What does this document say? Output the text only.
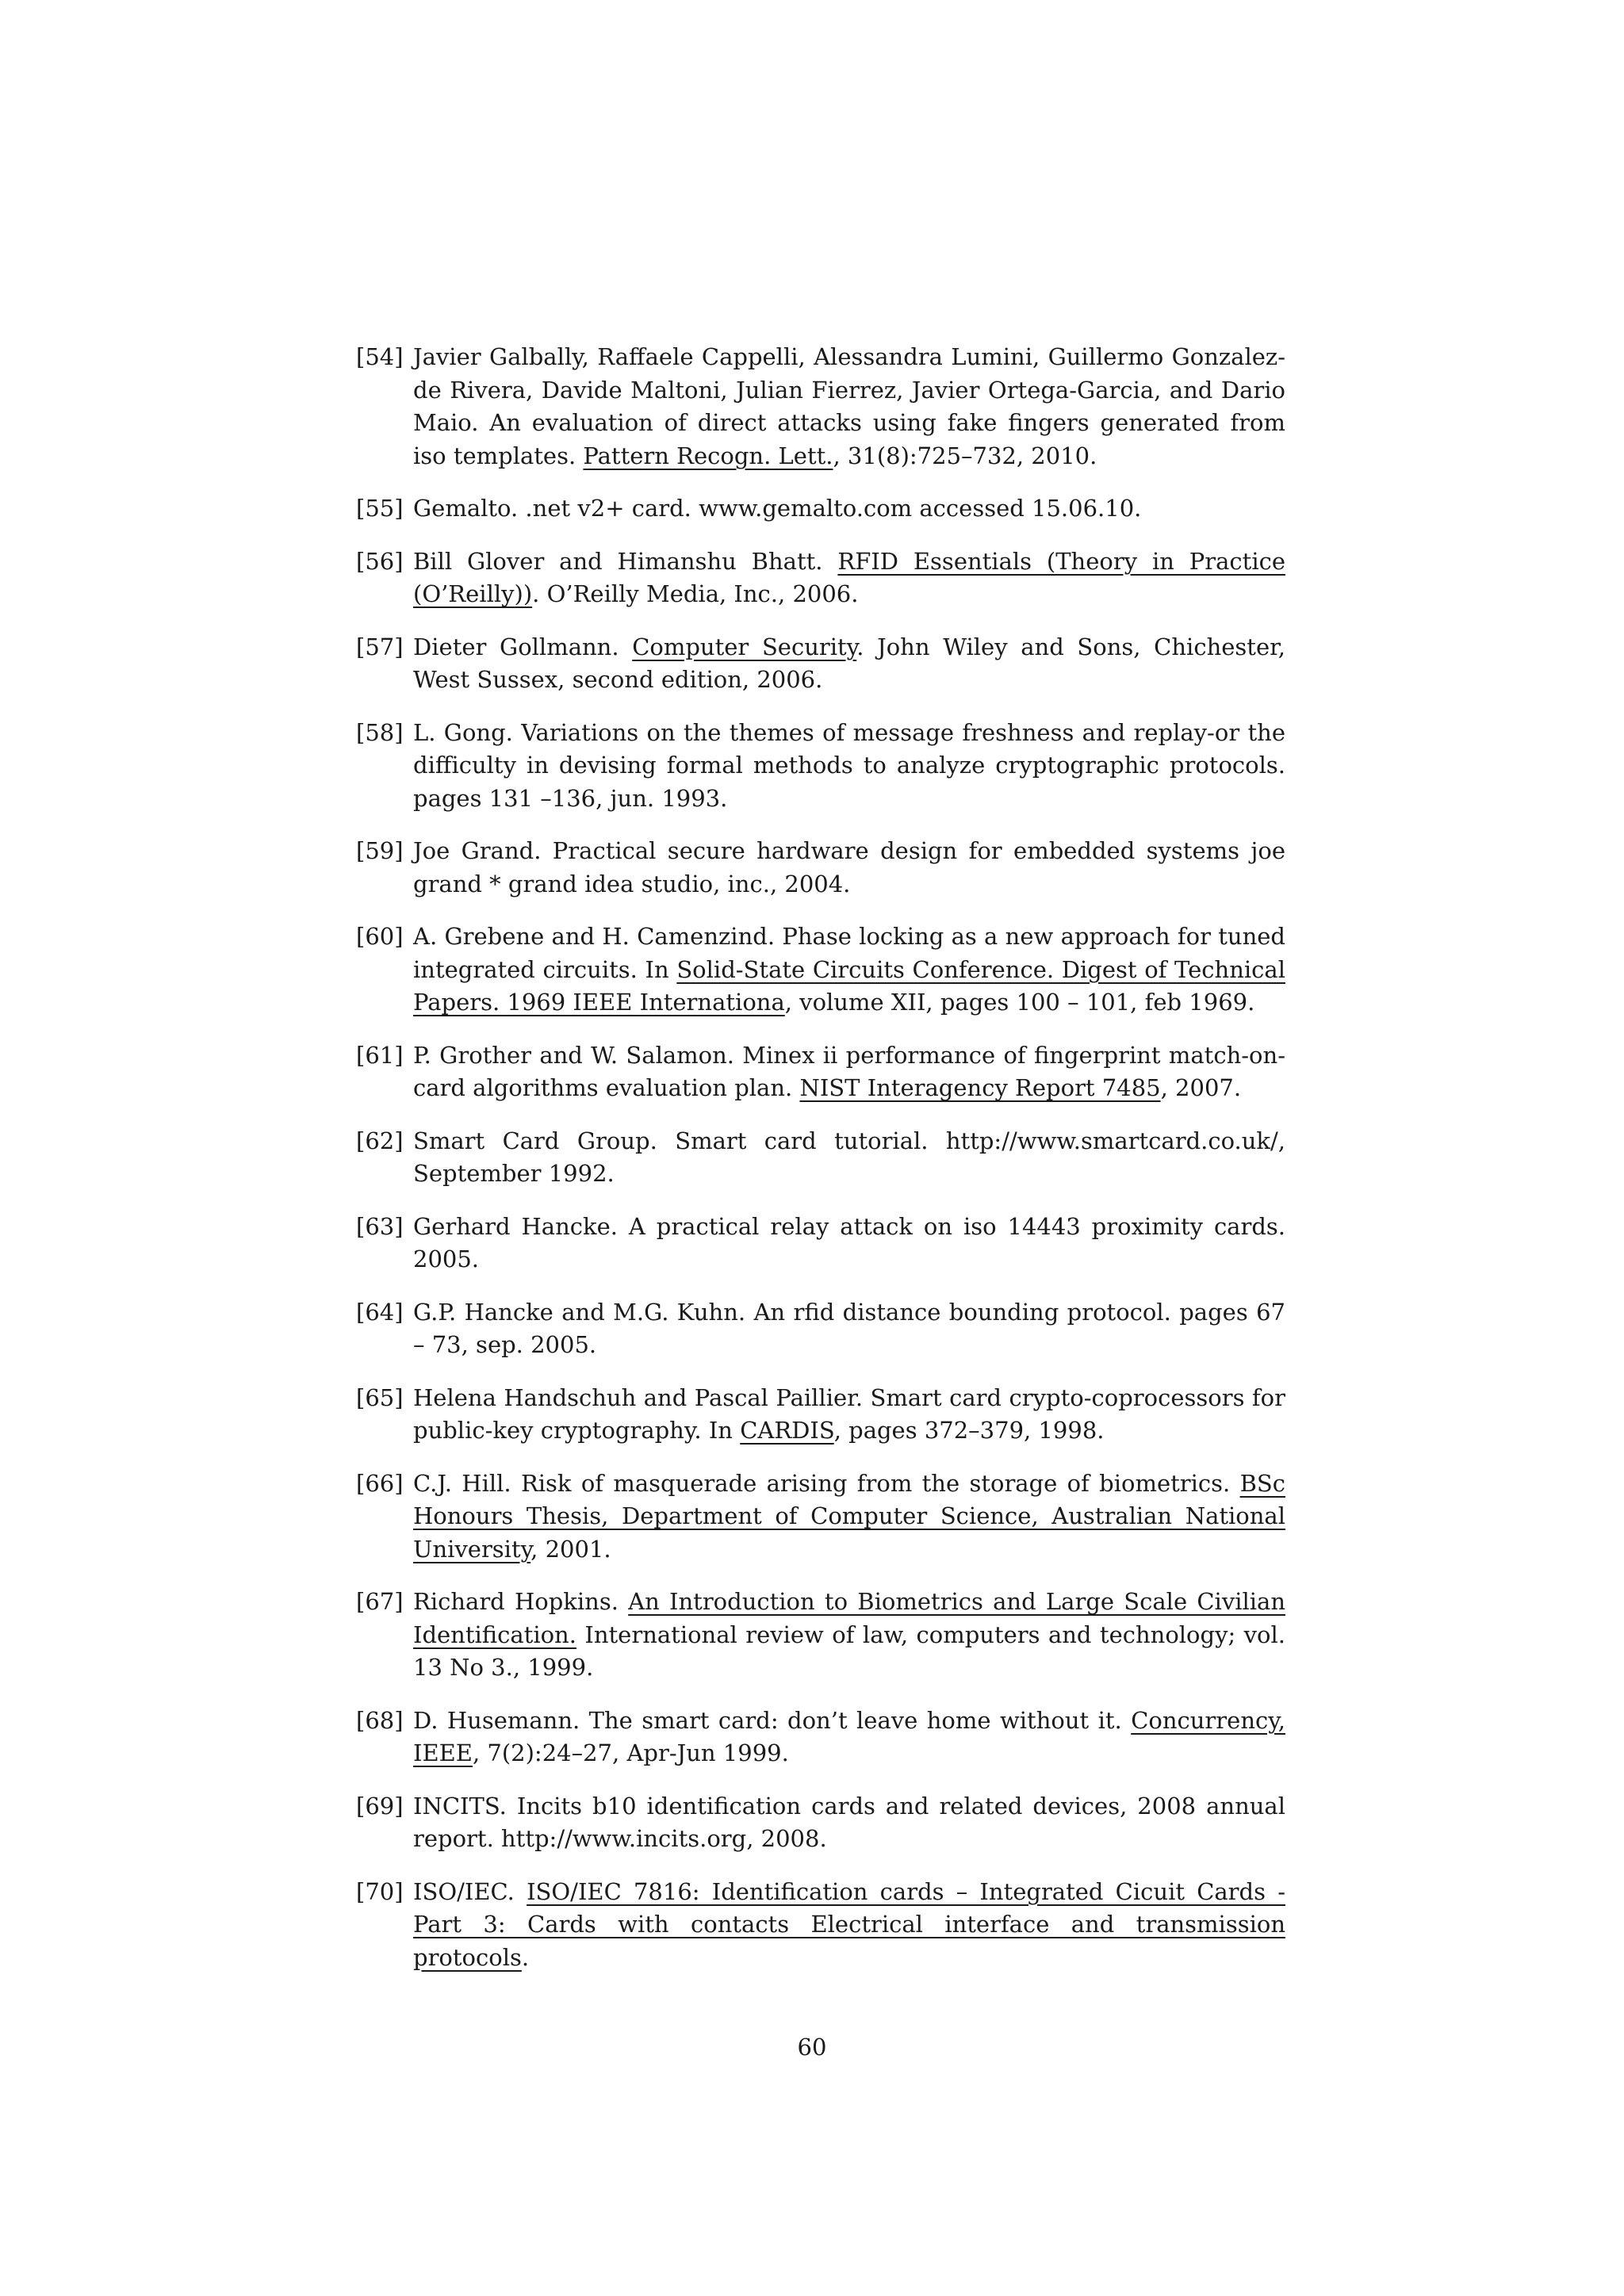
[54] Javier Galbally, Raffaele Cappelli, Alessandra Lumini, Guillermo Gonzalez-de Rivera, Davide Maltoni, Julian Fierrez, Javier Ortega-Garcia, and Dario Maio. An evaluation of direct attacks using fake fingers generated from iso templates. Pattern Recogn. Lett., 31(8):725–732, 2010.
[55] Gemalto. .net v2+ card. www.gemalto.com accessed 15.06.10.
[56] Bill Glover and Himanshu Bhatt. RFID Essentials (Theory in Practice (O’Reilly)). O’Reilly Media, Inc., 2006.
[57] Dieter Gollmann. Computer Security. John Wiley and Sons, Chichester, West Sussex, second edition, 2006.
[58] L. Gong. Variations on the themes of message freshness and replay-or the difficulty in devising formal methods to analyze cryptographic protocols. pages 131 –136, jun. 1993.
[59] Joe Grand. Practical secure hardware design for embedded systems joe grand * grand idea studio, inc., 2004.
[60] A. Grebene and H. Camenzind. Phase locking as a new approach for tuned integrated circuits. In Solid-State Circuits Conference. Digest of Technical Papers. 1969 IEEE Internationa, volume XII, pages 100 – 101, feb 1969.
[61] P. Grother and W. Salamon. Minex ii performance of fingerprint match-on-card algorithms evaluation plan. NIST Interagency Report 7485, 2007.
[62] Smart Card Group. Smart card tutorial. http://www.smartcard.co.uk/, September 1992.
[63] Gerhard Hancke. A practical relay attack on iso 14443 proximity cards. 2005.
[64] G.P. Hancke and M.G. Kuhn. An rfid distance bounding protocol. pages 67 – 73, sep. 2005.
[65] Helena Handschuh and Pascal Paillier. Smart card crypto-coprocessors for public-key cryptography. In CARDIS, pages 372–379, 1998.
[66] C.J. Hill. Risk of masquerade arising from the storage of biometrics. BSc Honours Thesis, Department of Computer Science, Australian National University, 2001.
[67] Richard Hopkins. An Introduction to Biometrics and Large Scale Civilian Identification. International review of law, computers and technology; vol. 13 No 3., 1999.
[68] D. Husemann. The smart card: don’t leave home without it. Concurrency, IEEE, 7(2):24–27, Apr-Jun 1999.
[69] INCITS. Incits b10 identification cards and related devices, 2008 annual report. http://www.incits.org, 2008.
[70] ISO/IEC. ISO/IEC 7816: Identification cards – Integrated Cicuit Cards - Part 3: Cards with contacts Electrical interface and transmission protocols.
60
